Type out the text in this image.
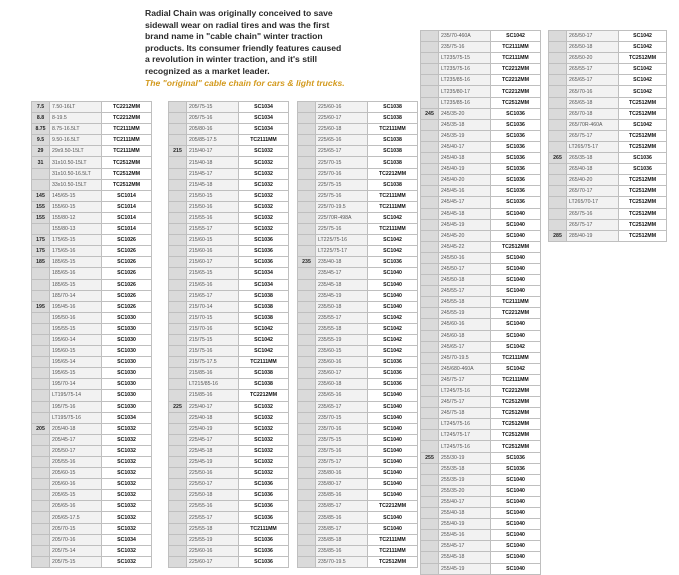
Radial Chain was originally conceived to save

sidewall wear on radial tires and was the first

brand name in "cable chain" winter traction

products. Its consumer friendly features caused

a revolution in winter traction, and it's still

recognized as a market leader.

The "original" cable chain for cars & light trucks.

7.5	7.50-16LT	TC2212MM
8.8	8-19.5	TC2212MM
8.75	8.75-16.5LT	TC2111MM
9.5	9.50-16.5LT	TC2111MM
29	29x9.50-15LT	TC2111MM
31	31x10.50-15LT	TC2512MM
	31x10.50-16.5LT	TC2512MM
	33x10.50-15LT	TC2512MM
145	145/65-15	SC1014
155	155/60-15	SC1014
155	155/80-12	SC1014
	155/80-13	SC1014
175	175/65-15	SC1026
175	175/65-16	SC1026
185	185/65-15	SC1026
	185/65-16	SC1026
	185/65-15	SC1026
	185/70-14	SC1026
195	195/45-16	SC1026
	195/50-16	SC1030
	195/55-15	SC1030
	195/60-14	SC1030
	195/60-15	SC1030
	195/65-14	SC1030
	195/65-15	SC1030
	195/70-14	SC1030
	LT195/75-14	SC1030
	195/75-16	SC1030
	LT195/75-16	SC1034
205	205/40-18	SC1032
	205/45-17	SC1032
	205/50-17	SC1032
	205/55-16	SC1032
	205/60-15	SC1032
	205/60-16	SC1032
	205/65-15	SC1032
	205/65-16	SC1032
	205/65-17.5	SC1032
	205/70-15	SC1032
	205/70-16	SC1034
	205/75-14	SC1032
	205/75-15	SC1032
	205/75-15	SC1034
	205/75-16	SC1034
	205/80-16	SC1034
	205/85-17.5	TC2111MM
215	215/40-17	SC1032
	215/40-18	SC1032
	215/45-17	SC1032
	215/45-18	SC1032
	215/50-15	SC1032
	215/50-16	SC1032
	215/55-16	SC1032
	215/55-17	SC1032
	215/60-15	SC1036
	215/60-16	SC1036
	215/60-17	SC1036
	215/65-15	SC1034
	215/65-16	SC1034
	215/65-17	SC1038
	215/70-14	SC1038
	215/70-15	SC1038
	215/70-16	SC1042
	215/75-15	SC1042
	215/75-16	SC1042
	215/75-17.5	TC2111MM
	215/85-16	SC1038
	LT215/85-16	SC1038
	215/85-16	TC2212MM
225	225/40-17	SC1032
	225/40-18	SC1032
	225/40-19	SC1032
	225/45-17	SC1032
	225/45-18	SC1032
	225/45-19	SC1032
	225/50-16	SC1032
	225/50-17	SC1036
	225/50-18	SC1036
	225/55-16	SC1036
	225/55-17	SC1036
	225/55-18	TC2111MM
	225/55-19	SC1036
	225/60-16	SC1036
	225/60-17	SC1036
	225/60-16	SC1038
	225/60-17	SC1038
	225/60-18	TC2111MM
	225/65-16	SC1038
	225/65-17	SC1038
	225/70-15	SC1038
	225/70-16	TC2212MM
	225/75-15	SC1038
	225/75-16	TC2111MM
	225/70-19.5	TC2111MM
	225/70R-498A	SC1042
	225/75-16	TC2111MM
	LT225/75-16	SC1042
	LT225/75-17	SC1042
235	235/40-18	SC1036
	235/45-17	SC1040
	235/45-18	SC1040
	235/45-19	SC1040
	235/50-18	SC1040
	235/55-17	SC1042
	235/55-18	SC1042
	235/55-19	SC1042
	235/60-15	SC1042
	235/60-16	SC1036
	235/60-17	SC1036
	235/60-18	SC1036
	235/65-16	SC1040
	235/65-17	SC1040
	235/70-15	SC1040
	235/70-16	SC1040
	235/75-15	SC1040
	235/75-16	SC1040
	235/75-17	SC1040
	235/80-16	SC1040
	235/80-17	SC1040
	235/85-16	SC1040
	235/85-17	TC2212MM
	235/85-16	SC1040
	235/85-17	SC1040
	235/85-18	TC2111MM
	235/85-16	TC2111MM
	235/70-19.5	TC2512MM
	235/70-460A	SC1042
	235/75-16	TC2111MM
	LT235/75-15	TC2111MM
	LT235/75-16	TC2212MM
	LT235/85-16	TC2212MM
	LT235/80-17	TC2212MM
	LT235/85-16	TC2512MM
245	245/35-20	SC1036
	245/35-18	SC1036
	245/35-19	SC1036
	245/40-17	SC1036
	245/40-18	SC1036
	245/40-19	SC1036
	245/40-20	SC1036
	245/45-16	SC1036
	245/45-17	SC1036
	245/45-18	SC1040
	245/45-19	SC1040
	245/45-20	SC1040
	245/45-22	TC2512MM
	245/50-16	SC1040
	245/50-17	SC1040
	245/50-18	SC1040
	245/55-17	SC1040
	245/55-18	TC2111MM
	245/55-19	TC2212MM
	245/60-16	SC1040
	245/60-18	SC1040
	245/65-17	SC1042
	245/70-19.5	TC2111MM
	245/680-460A	SC1042
	245/75-17	TC2111MM
	LT245/75-16	TC2212MM
	245/75-17	TC2512MM
	245/75-18	TC2512MM
	LT245/75-16	TC2512MM
	LT245/75-17	TC2512MM
	LT245/75-16	TC2512MM
255	255/30-19	SC1036
	255/35-18	SC1036
	255/35-19	SC1040
	255/35-20	SC1040
	255/40-17	SC1040
	255/40-18	SC1040
	255/40-19	SC1040
	255/45-16	SC1040
	255/45-17	SC1040
	255/45-18	SC1040
	255/45-19	SC1040
	265/50-17	SC1042
	265/50-18	SC1042
	265/50-20	TC2512MM
	265/55-17	SC1042
	265/65-17	SC1042
	265/70-16	SC1042
	265/65-18	TC2512MM
	265/70-18	TC2512MM
	265/70R-460A	SC1042
	265/75-17	TC2512MM
	LT265/75-17	TC2512MM
265	265/35-18	SC1036
	265/40-18	SC1036
	265/40-20	TC2512MM
	265/70-17	TC2512MM
	LT265/70-17	TC2512MM
	265/75-16	TC2512MM
	265/75-17	TC2512MM
285	285/40-19	TC2512MM
